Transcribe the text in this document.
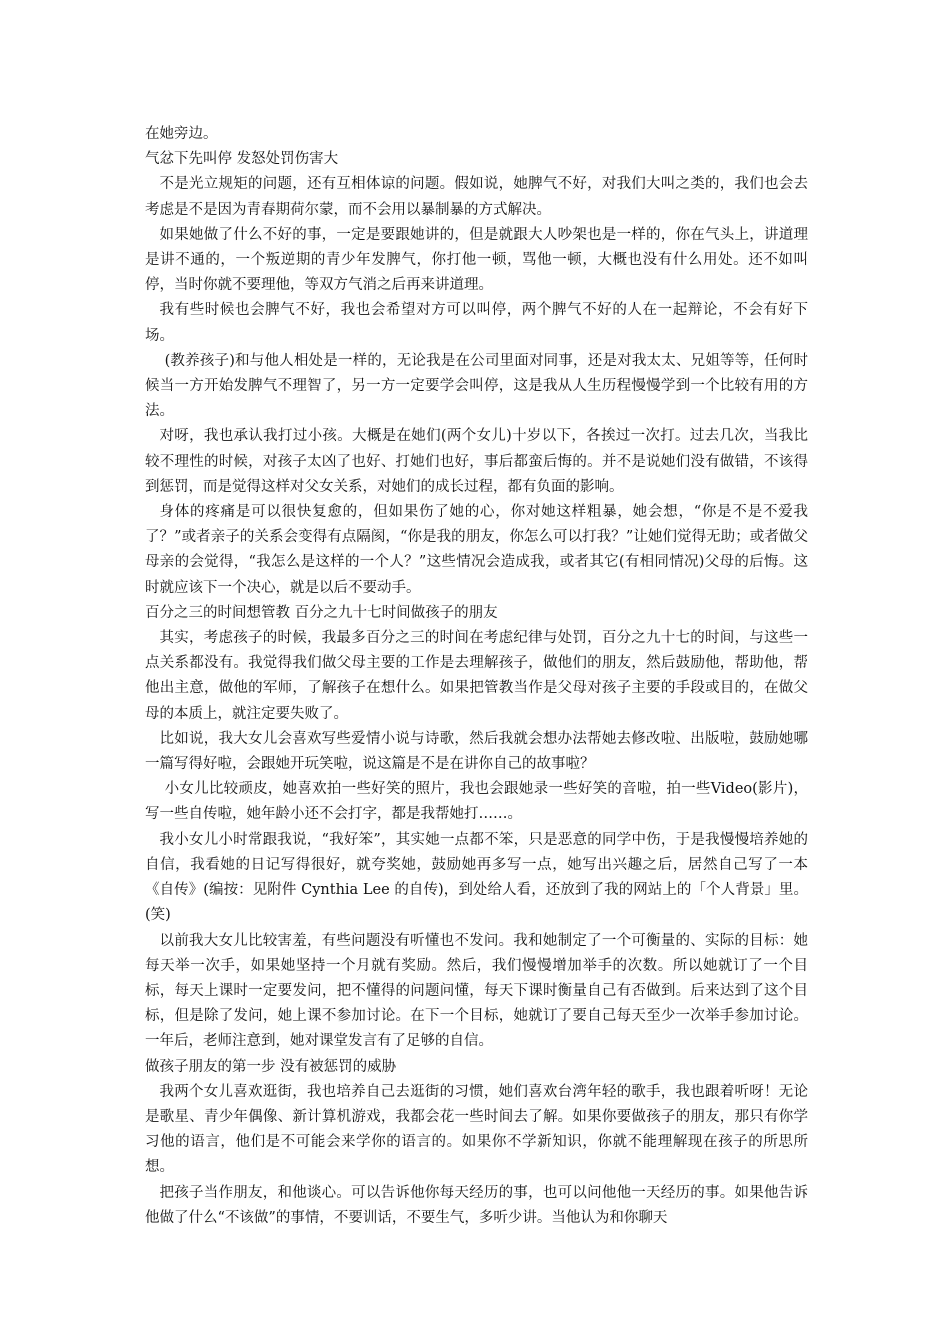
在她旁边。

气忿下先叫停 发怒处罚伤害大

不是光立规矩的问题，还有互相体谅的问题。假如说，她脾气不好，对我们大叫之类的，我们也会去考虑是不是因为青春期荷尔蒙，而不会用以暴制暴的方式解决。

如果她做了什么不好的事，一定是要跟她讲的，但是就跟大人吵架也是一样的，你在气头上，讲道理是讲不通的，一个叛逆期的青少年发脾气，你打他一顿，骂他一顿，大概也没有什么用处。还不如叫停，当时你就不要理他，等双方气消之后再来讲道理。

我有些时候也会脾气不好，我也会希望对方可以叫停，两个脾气不好的人在一起辩论，不会有好下场。

(教养孩子)和与他人相处是一样的，无论我是在公司里面对同事，还是对我太太、兄姐等等，任何时候当一方开始发脾气不理智了，另一方一定要学会叫停，这是我从人生历程慢慢学到一个比较有用的方法。

对呀，我也承认我打过小孩。大概是在她们(两个女儿)十岁以下，各挨过一次打。过去几次，当我比较不理性的时候，对孩子太凶了也好、打她们也好，事后都蛮后悔的。并不是说她们没有做错，不该得到惩罚，而是觉得这样对父女关系，对她们的成长过程，都有负面的影响。

身体的疼痛是可以很快复愈的，但如果伤了她的心，你对她这样粗暴，她会想，“你是不是不爱我了？”或者亲子的关系会变得有点隔阂，“你是我的朋友，你怎么可以打我？”让她们觉得无助；或者做父母亲的会觉得，“我怎么是这样的一个人？”这些情况会造成我，或者其它(有相同情况)父母的后悔。这时就应该下一个决心，就是以后不要动手。

百分之三的时间想管教 百分之九十七时间做孩子的朋友

其实，考虑孩子的时候，我最多百分之三的时间在考虑纪律与处罚，百分之九十七的时间，与这些一点关系都没有。我觉得我们做父母主要的工作是去理解孩子，做他们的朋友，然后鼓励他，帮助他，帮他出主意，做他的军师，了解孩子在想什么。如果把管教当作是父母对孩子主要的手段或目的，在做父母的本质上，就注定要失败了。

比如说，我大女儿会喜欢写些爱情小说与诗歌，然后我就会想办法帮她去修改啦、出版啦，鼓励她哪一篇写得好啦，会跟她开玩笑啦，说这篇是不是在讲你自己的故事啦？

小女儿比较顽皮，她喜欢拍一些好笑的照片，我也会跟她录一些好笑的音啦，拍一些Video(影片)，写一些自传啦，她年龄小还不会打字，都是我帮她打……。

我小女儿小时常跟我说，“我好笨”，其实她一点都不笨，只是恶意的同学中伤，于是我慢慢培养她的自信，我看她的日记写得很好，就夸奖她，鼓励她再多写一点，她写出兴趣之后，居然自己写了一本《自传》(编按：见附件 Cynthia Lee 的自传)，到处给人看，还放到了我的网站上的「个人背景」里。(笑)

以前我大女儿比较害羞，有些问题没有听懂也不发问。我和她制定了一个可衡量的、实际的目标：她每天举一次手，如果她坚持一个月就有奖励。然后，我们慢慢增加举手的次数。所以她就订了一个目标，每天上课时一定要发问，把不懂得的问题问懂，每天下课时衡量自己有否做到。后来达到了这个目标，但是除了发问，她上课不参加讨论。在下一个目标，她就订了要自己每天至少一次举手参加讨论。一年后，老师注意到，她对课堂发言有了足够的自信。

做孩子朋友的第一步 没有被惩罚的威胁

我两个女儿喜欢逛街，我也培养自己去逛街的习惯，她们喜欢台湾年轻的歌手，我也跟着听呀！无论是歌星、青少年偶像、新计算机游戏，我都会花一些时间去了解。如果你要做孩子的朋友，那只有你学习他的语言，他们是不可能会来学你的语言的。如果你不学新知识，你就不能理解现在孩子的所思所想。

把孩子当作朋友，和他谈心。可以告诉他你每天经历的事，也可以问他他一天经历的事。如果他告诉他做了什么“不该做”的事情，不要训话，不要生气，多听少讲。当他认为和你聊天
